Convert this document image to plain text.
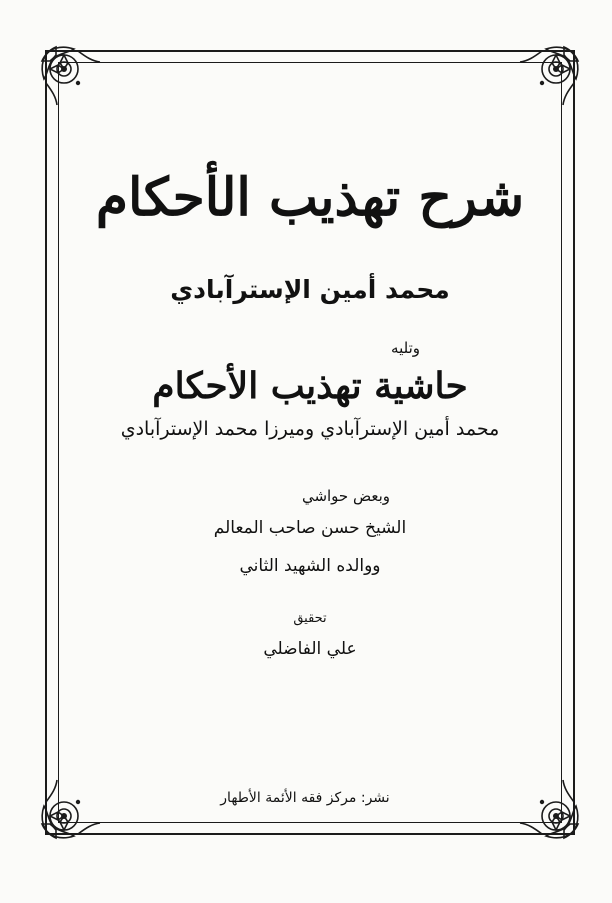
شرح تهذيب الأحكام
محمد أمين الإسترآبادي
وتليه
حاشية تهذيب الأحكام
محمد أمين الإسترآبادي وميرزا محمد الإسترآبادي
وبعض حواشي
الشيخ حسن صاحب المعالم
ووالده الشهيد الثاني
تحقيق
علي الفاضلي
نشر: مركز فقه الأئمة الأطهار
